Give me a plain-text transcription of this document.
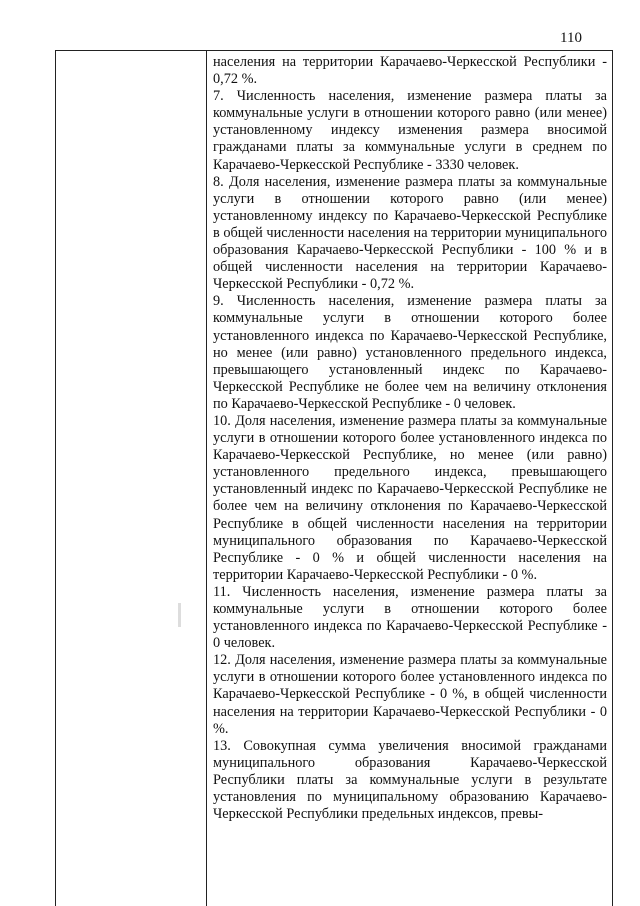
110
населения на территории Карачаево-Черкесской Республики - 0,72 %.
7. Численность населения, изменение размера платы за коммунальные услуги в отношении которого равно (или менее) установленному индексу изменения размера вносимой гражданами платы за коммунальные услуги в среднем по Карачаево-Черкесской Республике - 3330 человек.
8. Доля населения, изменение размера платы за коммунальные услуги в отношении которого равно (или менее) установленному индексу по Карачаево-Черкесской Республике в общей численности населения на территории муниципального образования Карачаево-Черкесской Республики - 100 % и в общей численности населения на территории Карачаево-Черкесской Республики - 0,72 %.
9. Численность населения, изменение размера платы за коммунальные услуги в отношении которого более установленного индекса по Карачаево-Черкесской Республике, но менее (или равно) установленного предельного индекса, превышающего установленный индекс по Карачаево-Черкесской Республике не более чем на величину отклонения по Карачаево-Черкесской Республике - 0 человек.
10. Доля населения, изменение размера платы за коммунальные услуги в отношении которого более установленного индекса по Карачаево-Черкесской Республике, но менее (или равно) установленного предельного индекса, превышающего установленный индекс по Карачаево-Черкесской Республике не более чем на величину отклонения по Карачаево-Черкесской Республике в общей численности населения на территории муниципального образования по Карачаево-Черкесской Республике - 0 % и общей численности населения на территории Карачаево-Черкесской Республики - 0 %.
11. Численность населения, изменение размера платы за коммунальные услуги в отношении которого более установленного индекса по Карачаево-Черкесской Республике - 0 человек.
12. Доля населения, изменение размера платы за коммунальные услуги в отношении которого более установленного индекса по Карачаево-Черкесской Республике - 0 %, в общей численности населения на территории Карачаево-Черкесской Республики - 0 %.
13. Совокупная сумма увеличения вносимой гражданами муниципального образования Карачаево-Черкесской Республики платы за коммунальные услуги в результате установления по муниципальному образованию Карачаево-Черкесской Республики предельных индексов, превы-
